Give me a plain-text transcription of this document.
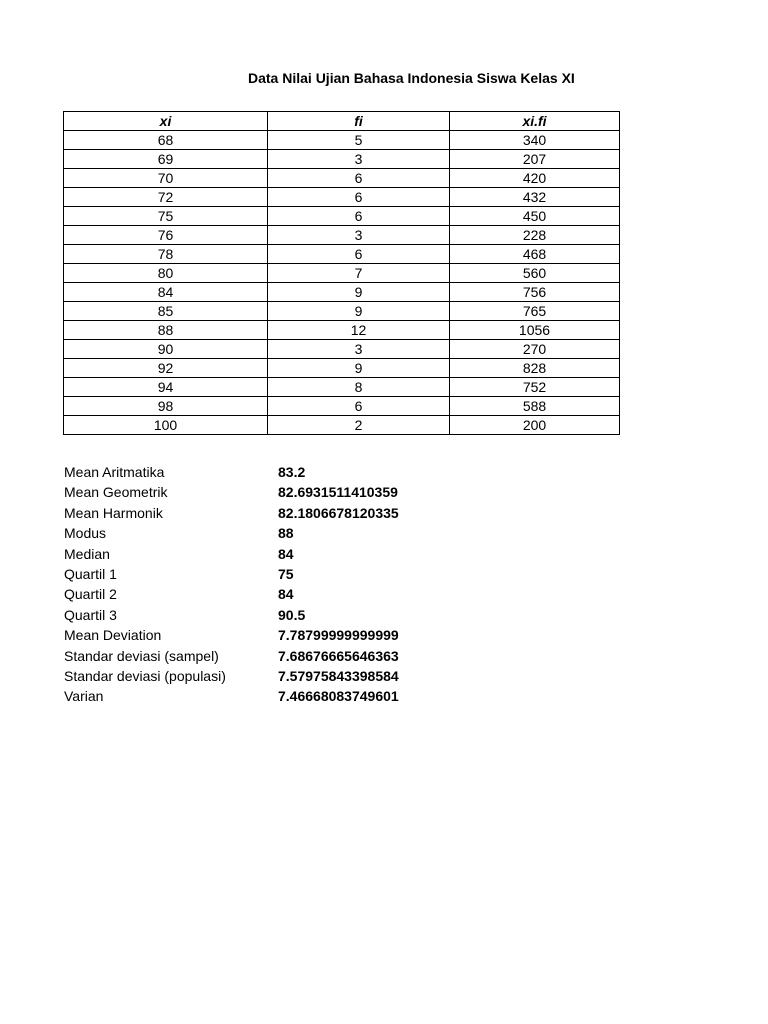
Data Nilai Ujian Bahasa Indonesia Siswa Kelas XI
xi	fi	xi.fi
68	5	340
69	3	207
70	6	420
72	6	432
75	6	450
76	3	228
78	6	468
80	7	560
84	9	756
85	9	765
88	12	1056
90	3	270
92	9	828
94	8	752
98	6	588
100	2	200
Mean Aritmatika	83.2
Mean Geometrik	82.6931511410359
Mean Harmonik	82.1806678120335
Modus	88
Median	84
Quartil 1	75
Quartil 2	84
Quartil 3	90.5
Mean Deviation	7.78799999999999
Standar deviasi (sampel)	7.68676665646363
Standar deviasi (populasi)	7.57975843398584
Varian	7.46668083749601
